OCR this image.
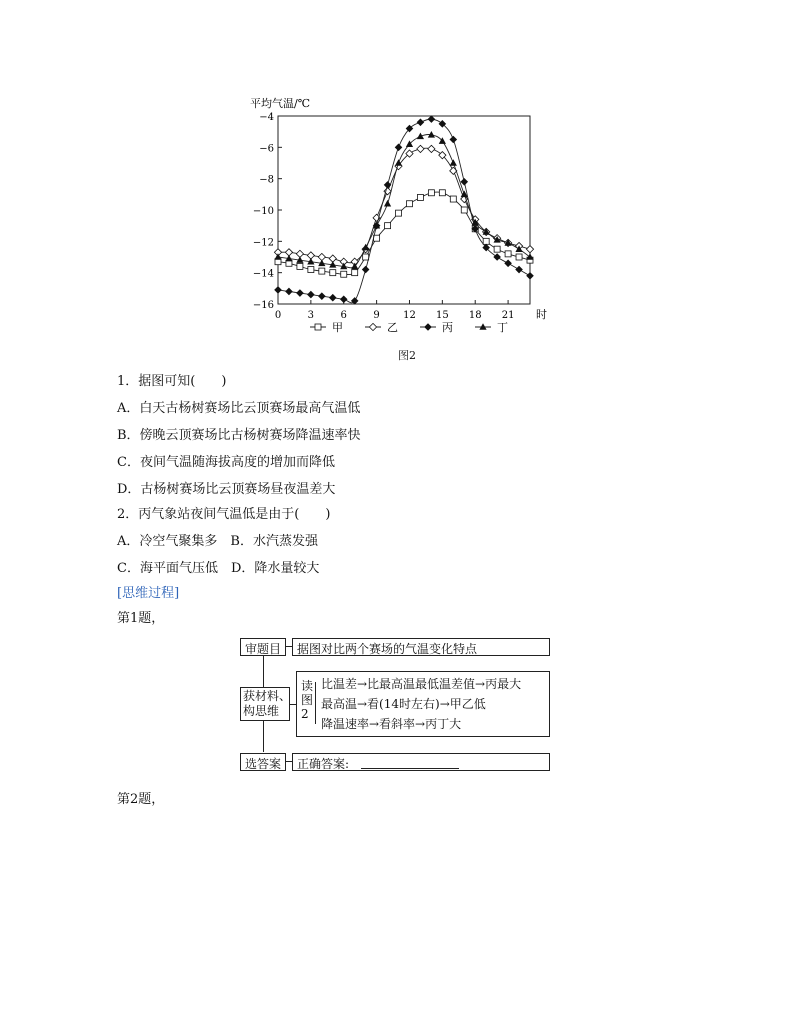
平均气温/℃
−4
−6
−8
−10
−12
−14
−16
0	3	6	9 12 15 18 21 时
甲	乙	丙	丁
图2
1．据图可知(　　)
A．白天古杨树赛场比云顶赛场最高气温低
B．傍晚云顶赛场比古杨树赛场降温速率快
C．夜间气温随海拔高度的增加而降低
D．古杨树赛场比云顶赛场昼夜温差大
2．丙气象站夜间气温低是由于(　　)
A．冷空气聚集多　B．水汽蒸发强
C．海平面气压低　D．降水量较大
[思维过程]
第1题，
第2题，
审题目 据图对比两个赛场的气温变化特点
获材料、
构思维
读图2
比温差→比最高温最低温差值→丙最大
最高温→看(14时左右)→甲乙低
降温速率→看斜率→丙丁大
选答案 正确答案:
